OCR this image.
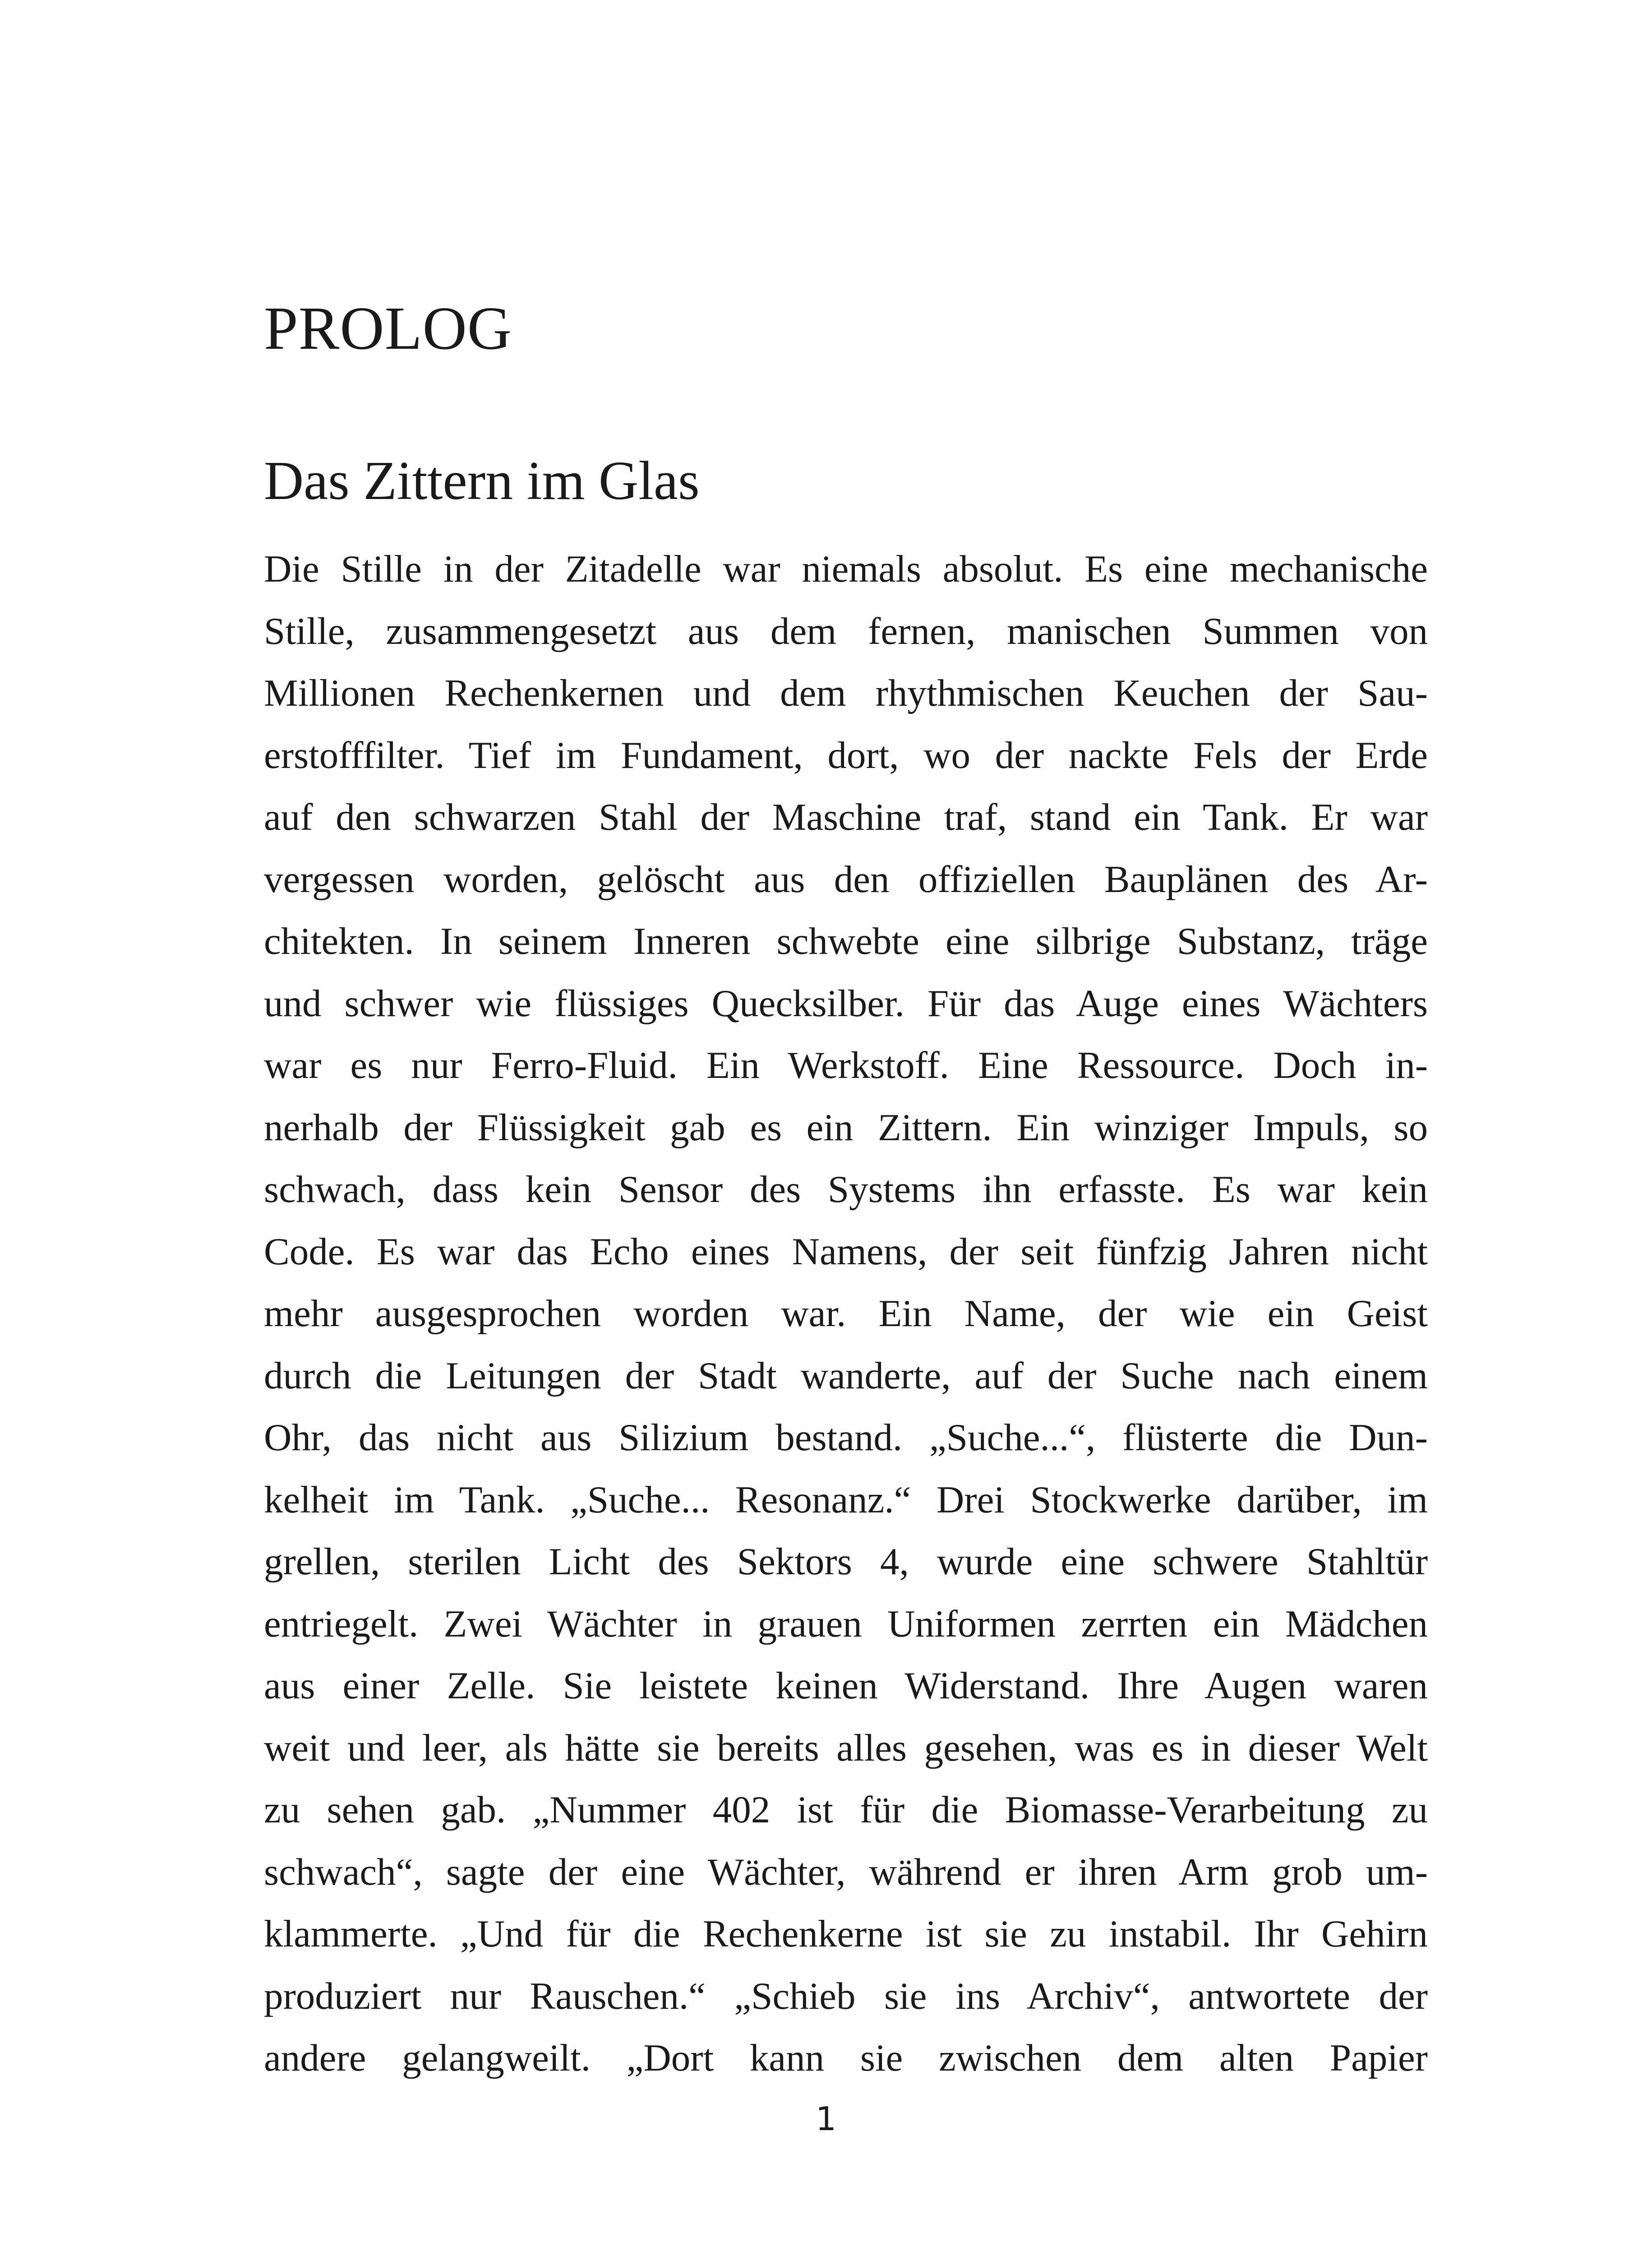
PROLOG
Das Zittern im Glas
Die Stille in der Zitadelle war niemals absolut. Es eine mechanische
Stille, zusammengesetzt aus dem fernen, manischen Summen von
Millionen Rechenkernen und dem rhythmischen Keuchen der Sau-
erstofffilter. Tief im Fundament, dort, wo der nackte Fels der Erde
auf den schwarzen Stahl der Maschine traf, stand ein Tank. Er war
vergessen worden, gelöscht aus den offiziellen Bauplänen des Ar-
chitekten. In seinem Inneren schwebte eine silbrige Substanz, träge
und schwer wie flüssiges Quecksilber. Für das Auge eines Wächters
war es nur Ferro-Fluid. Ein Werkstoff. Eine Ressource. Doch in-
nerhalb der Flüssigkeit gab es ein Zittern. Ein winziger Impuls, so
schwach, dass kein Sensor des Systems ihn erfasste. Es war kein
Code. Es war das Echo eines Namens, der seit fünfzig Jahren nicht
mehr ausgesprochen worden war. Ein Name, der wie ein Geist
durch die Leitungen der Stadt wanderte, auf der Suche nach einem
Ohr, das nicht aus Silizium bestand. „Suche...“, flüsterte die Dun-
kelheit im Tank. „Suche... Resonanz.“ Drei Stockwerke darüber, im
grellen, sterilen Licht des Sektors 4, wurde eine schwere Stahltür
entriegelt. Zwei Wächter in grauen Uniformen zerrten ein Mädchen
aus einer Zelle. Sie leistete keinen Widerstand. Ihre Augen waren
weit und leer, als hätte sie bereits alles gesehen, was es in dieser Welt
zu sehen gab. „Nummer 402 ist für die Biomasse-Verarbeitung zu
schwach“, sagte der eine Wächter, während er ihren Arm grob um-
klammerte. „Und für die Rechenkerne ist sie zu instabil. Ihr Gehirn
produziert nur Rauschen.“ „Schieb sie ins Archiv“, antwortete der
andere gelangweilt. „Dort kann sie zwischen dem alten Papier
1
